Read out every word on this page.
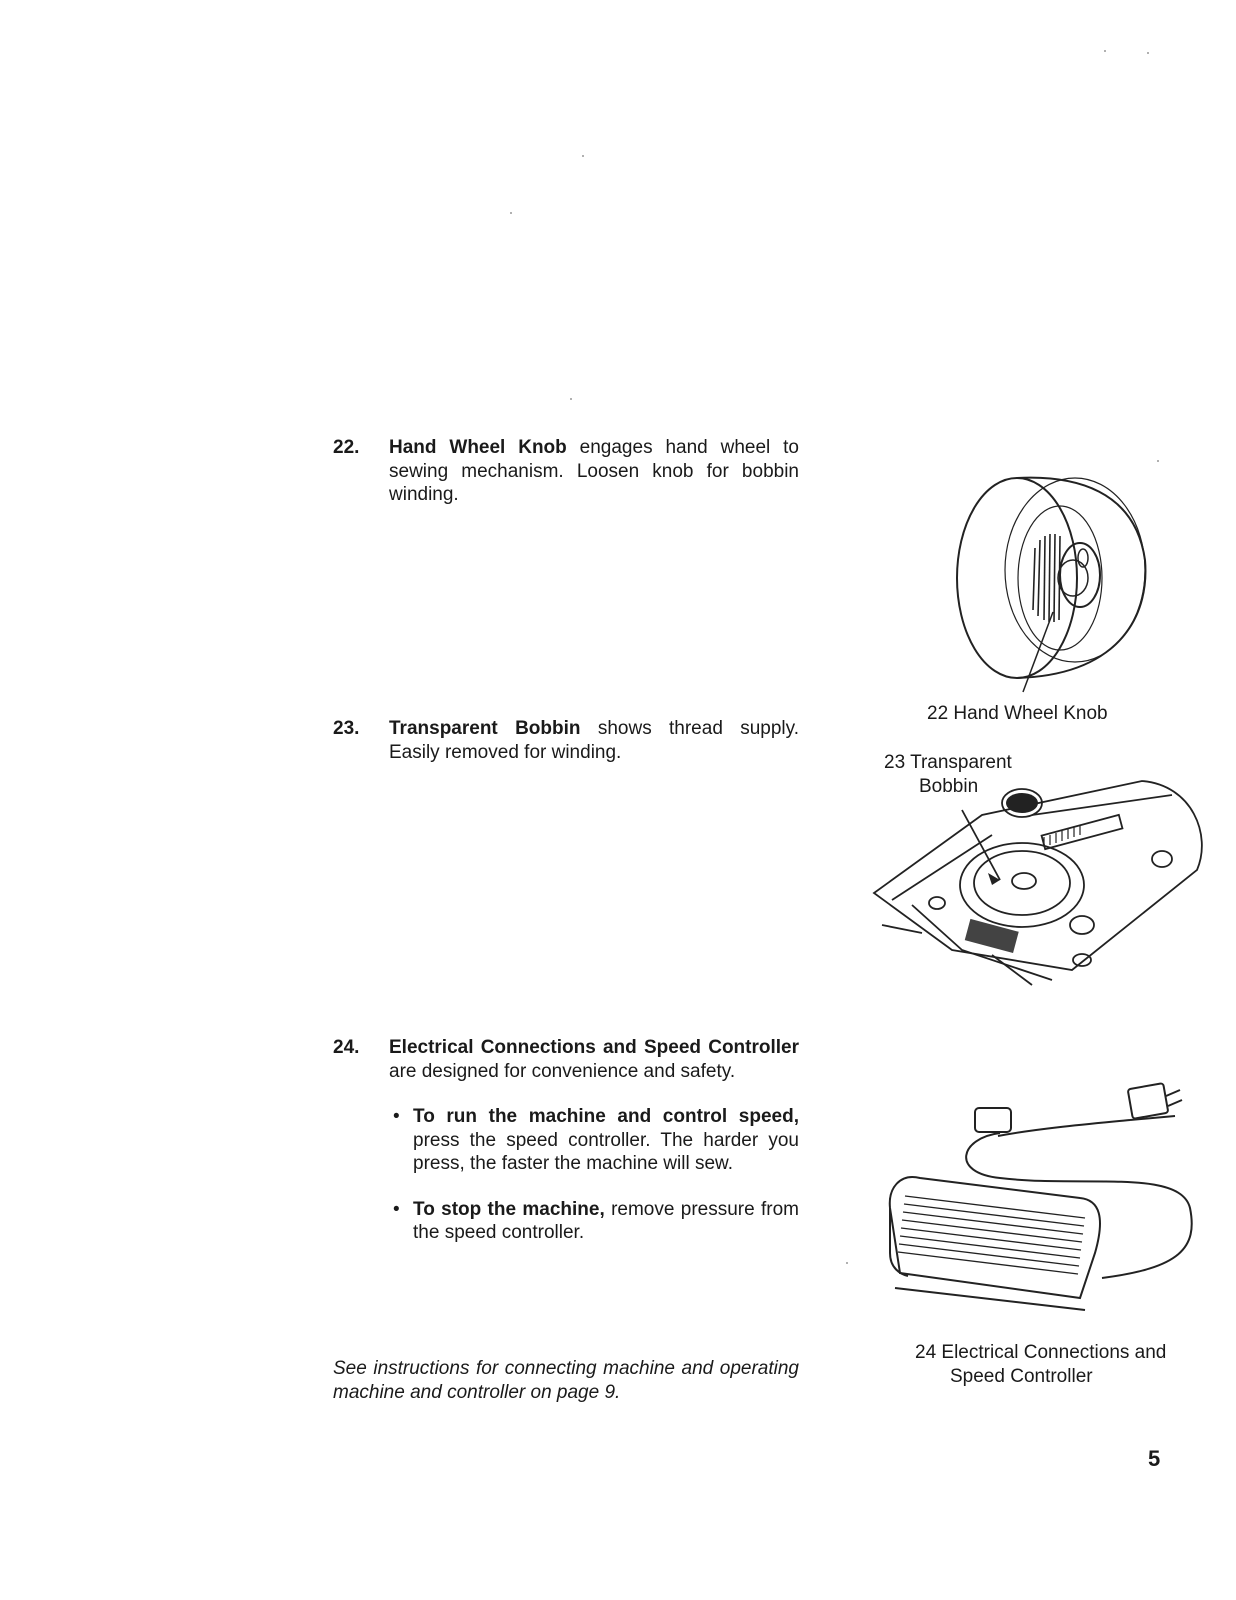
22.	Hand Wheel Knob engages hand wheel to sewing mechanism. Loosen knob for bobbin winding.
23.	Transparent Bobbin shows thread supply. Easily removed for winding.
24.	Electrical Connections and Speed Controller are designed for convenience and safety.
• To run the machine and control speed, press the speed controller. The harder you press, the faster the machine will sew.
• To stop the machine, remove pressure from the speed controller.
See instructions for connecting machine and operating machine and controller on page 9.
22 Hand Wheel Knob
23 Transparent
Bobbin
24 Electrical Connections and
Speed Controller
5
